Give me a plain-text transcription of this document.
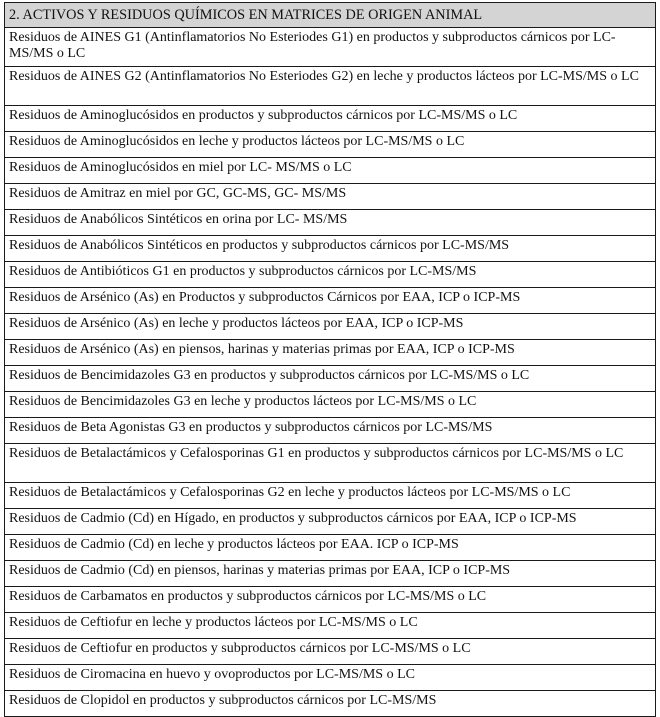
2. ACTIVOS Y RESIDUOS QUÍMICOS EN MATRICES DE ORIGEN ANIMAL
Residuos de AINES G1 (Antinflamatorios No Esteriodes G1) en productos y subproductos cárnicos por LC-MS/MS o LC
Residuos de AINES G2 (Antinflamatorios No Esteriodes G2) en leche y productos lácteos por LC-MS/MS o LC
Residuos de Aminoglucósidos en productos y subproductos cárnicos por LC-MS/MS o LC
Residuos de Aminoglucósidos en leche y productos lácteos por LC-MS/MS o LC
Residuos de Aminoglucósidos en miel por LC- MS/MS o LC
Residuos de Amitraz en miel por GC, GC-MS, GC- MS/MS
Residuos de Anabólicos Sintéticos en orina por LC- MS/MS
Residuos de Anabólicos Sintéticos en productos y subproductos cárnicos por LC-MS/MS
Residuos de Antibióticos G1 en productos y subproductos cárnicos por LC-MS/MS
Residuos de Arsénico (As) en Productos y subproductos Cárnicos por EAA, ICP o ICP-MS
Residuos de Arsénico (As) en leche y productos lácteos por EAA, ICP o ICP-MS
Residuos de Arsénico (As) en piensos, harinas y materias primas por EAA, ICP o ICP-MS
Residuos de Bencimidazoles G3 en productos y subproductos cárnicos por LC-MS/MS o LC
Residuos de Bencimidazoles G3 en leche y productos lácteos por LC-MS/MS o LC
Residuos de Beta Agonistas G3 en productos y subproductos cárnicos por LC-MS/MS
Residuos de Betalactámicos y Cefalosporinas G1 en productos y subproductos cárnicos por LC-MS/MS o LC
Residuos de Betalactámicos y Cefalosporinas G2 en leche y productos lácteos por LC-MS/MS o LC
Residuos de Cadmio (Cd) en Hígado, en productos y subproductos cárnicos por EAA, ICP o ICP-MS
Residuos de Cadmio (Cd) en leche y productos lácteos por EAA. ICP o ICP-MS
Residuos de Cadmio (Cd) en piensos, harinas y materias primas por EAA, ICP o ICP-MS
Residuos de Carbamatos en productos y subproductos cárnicos por LC-MS/MS o LC
Residuos de Ceftiofur en leche y productos lácteos por LC-MS/MS o LC
Residuos de Ceftiofur en productos y subproductos cárnicos por LC-MS/MS o LC
Residuos de Ciromacina en huevo y ovoproductos por LC-MS/MS o LC
Residuos de Clopidol en productos y subproductos cárnicos por LC-MS/MS
